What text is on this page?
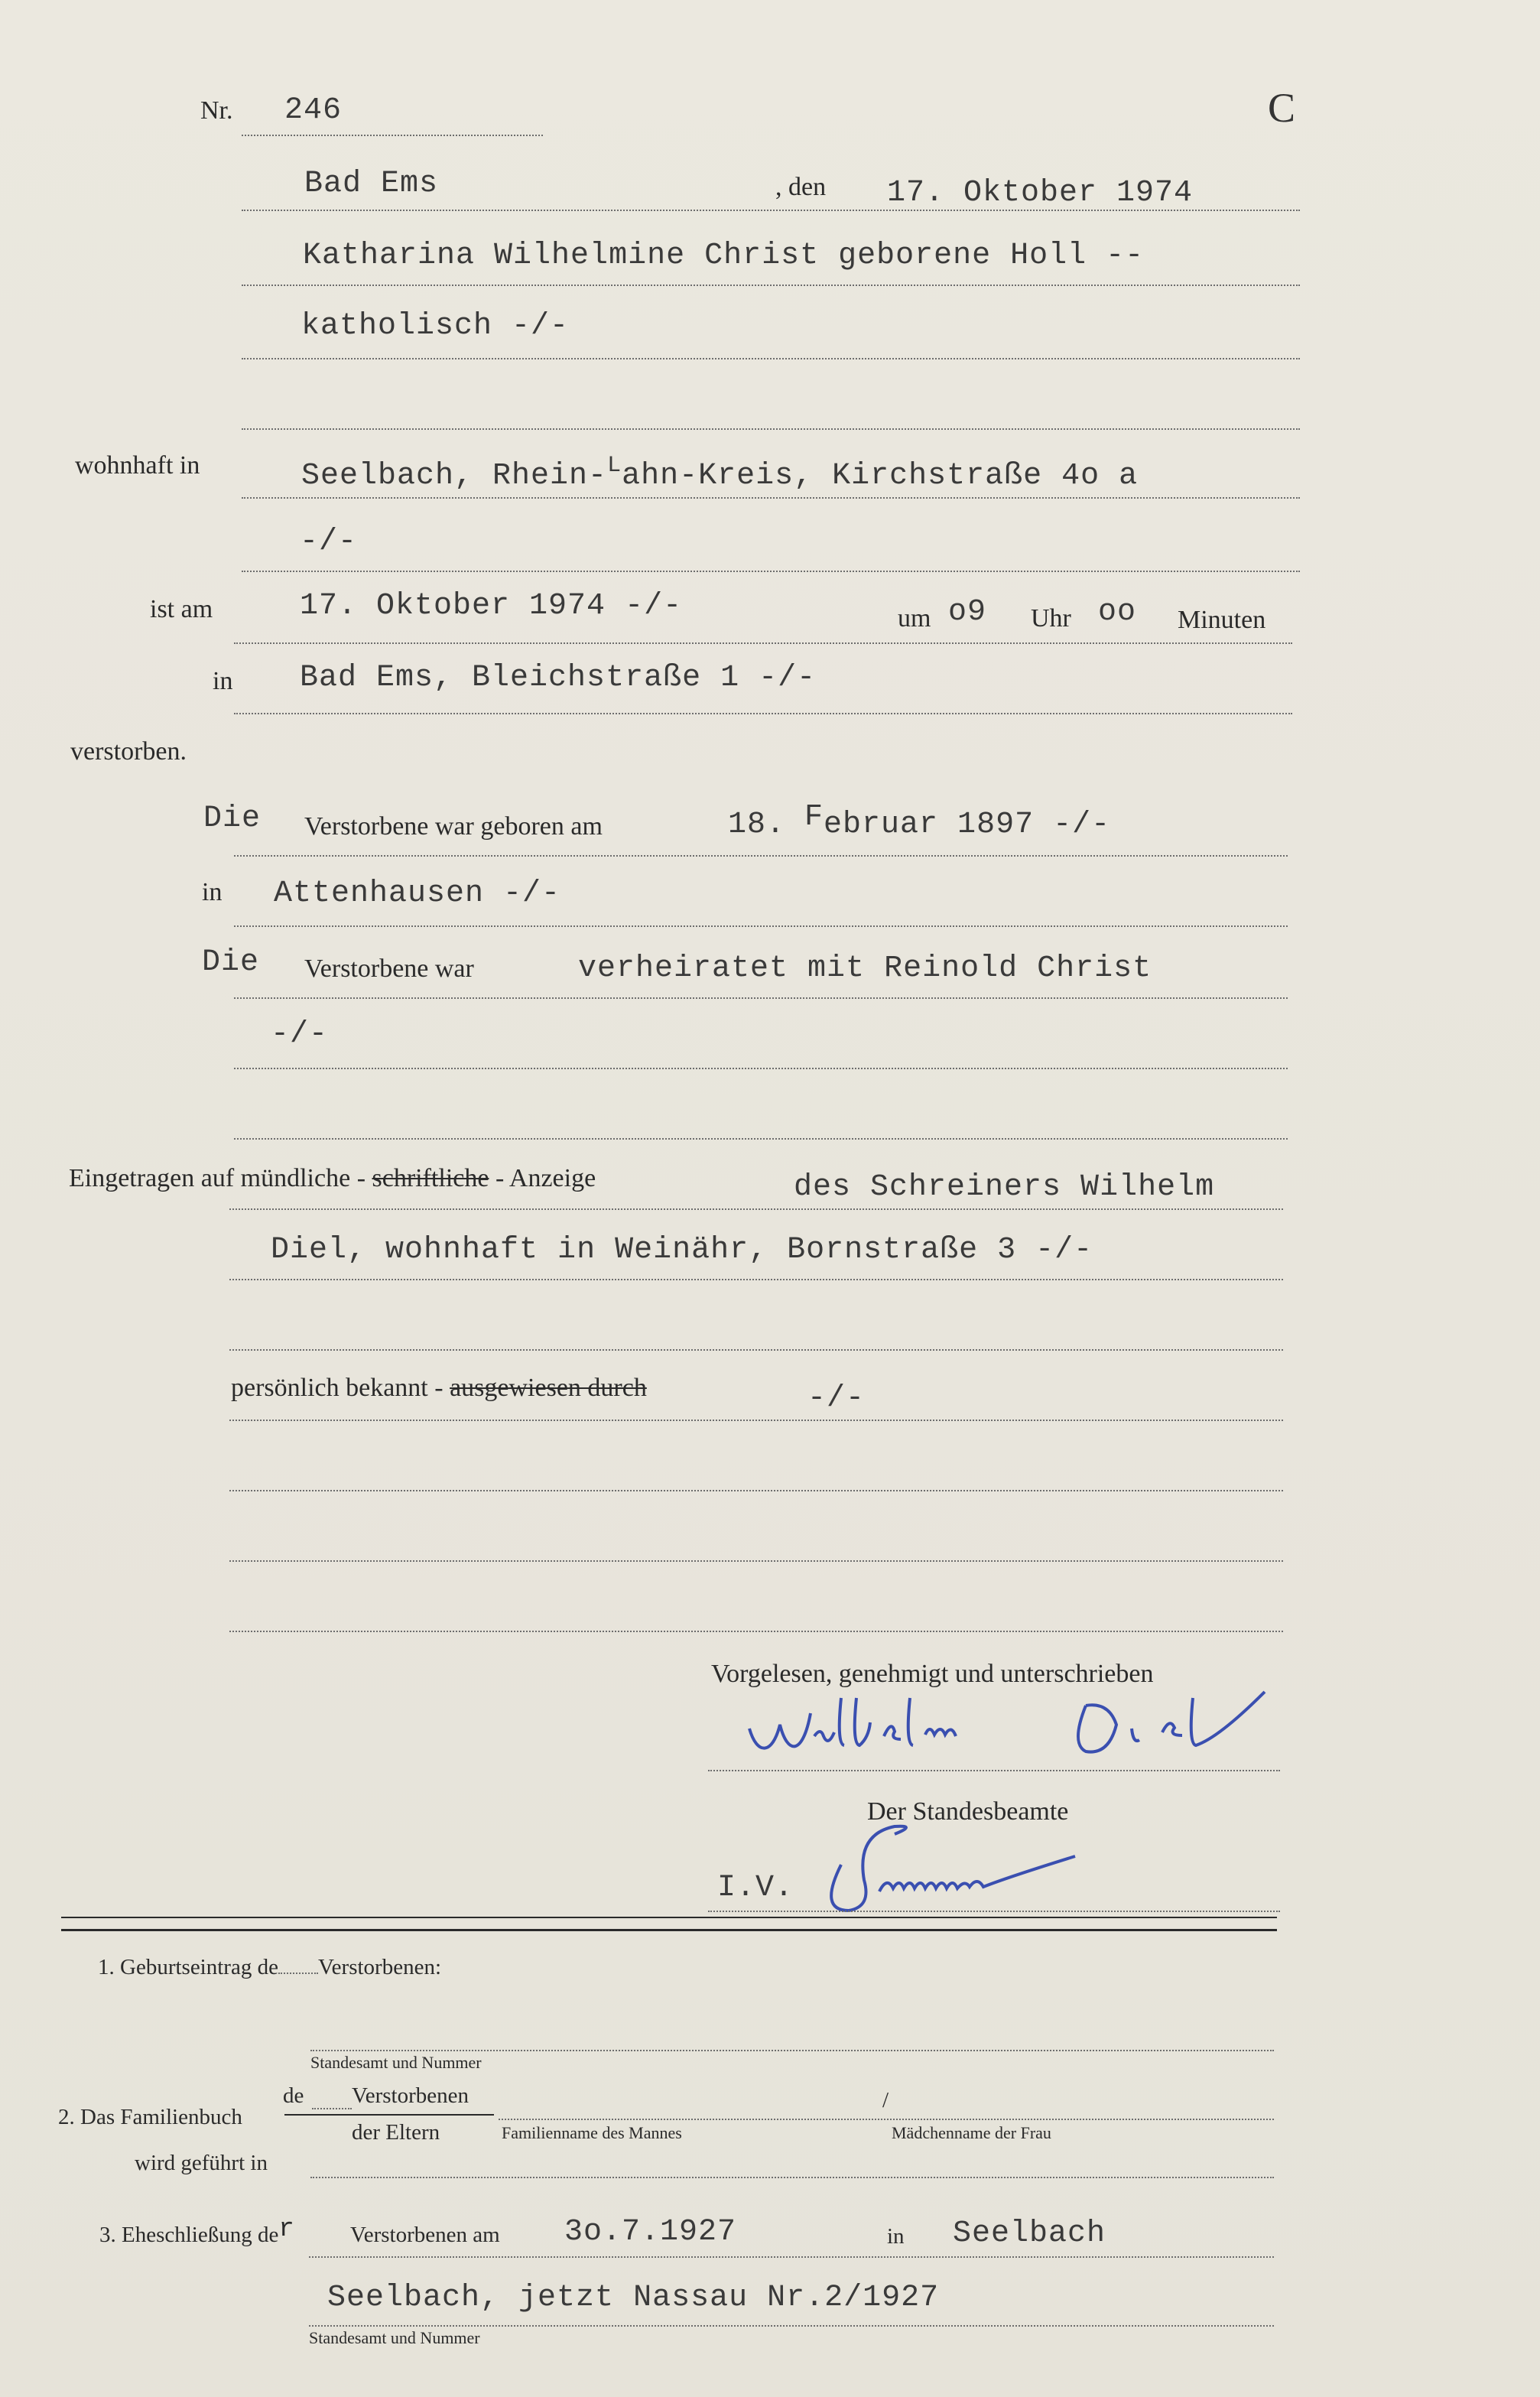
Nr. 246	C
Bad Ems	, den 17. Oktober 1974
Katharina Wilhelmine Christ geborene Holl --
katholisch -/-
wohnhaft in	Seelbach, Rhein-$^L$ahn-Kreis, Kirchstraße 4o a
-/-
ist am	17. Oktober 1974 -/-	um o9 Uhr oo Minuten
in Bad Ems, Bleichstraße 1 -/-
verstorben.
Die Verstorbene war geboren am	18. Februar 1897 -/-
in Attenhausen -/-
Die Verstorbene war	verheiratet mit Reinold Christ
-/-
Eingetragen auf mündliche - schriftliche - Anzeige	des Schreiners Wilhelm
Diel, wohnhaft in Weinähr, Bornstraße 3 -/-
persönlich bekannt - ausgewiesen durch	-/-
Vorgelesen, genehmigt und unterschrieben
Der Standesbeamte
I.V.
1. Geburtseintrag de Verstorbenen:
Standesamt und Nummer
2. Das Familienbuch
de Verstorbenen
der Eltern	Familienname des Mannes
/
Mädchenname der Frau
wird geführt in
3. Eheschließung der	Verstorbenen am 3o.7.1927	in Seelbach
Seelbach, jetzt Nassau Nr.2/1927
Standesamt und Nummer
